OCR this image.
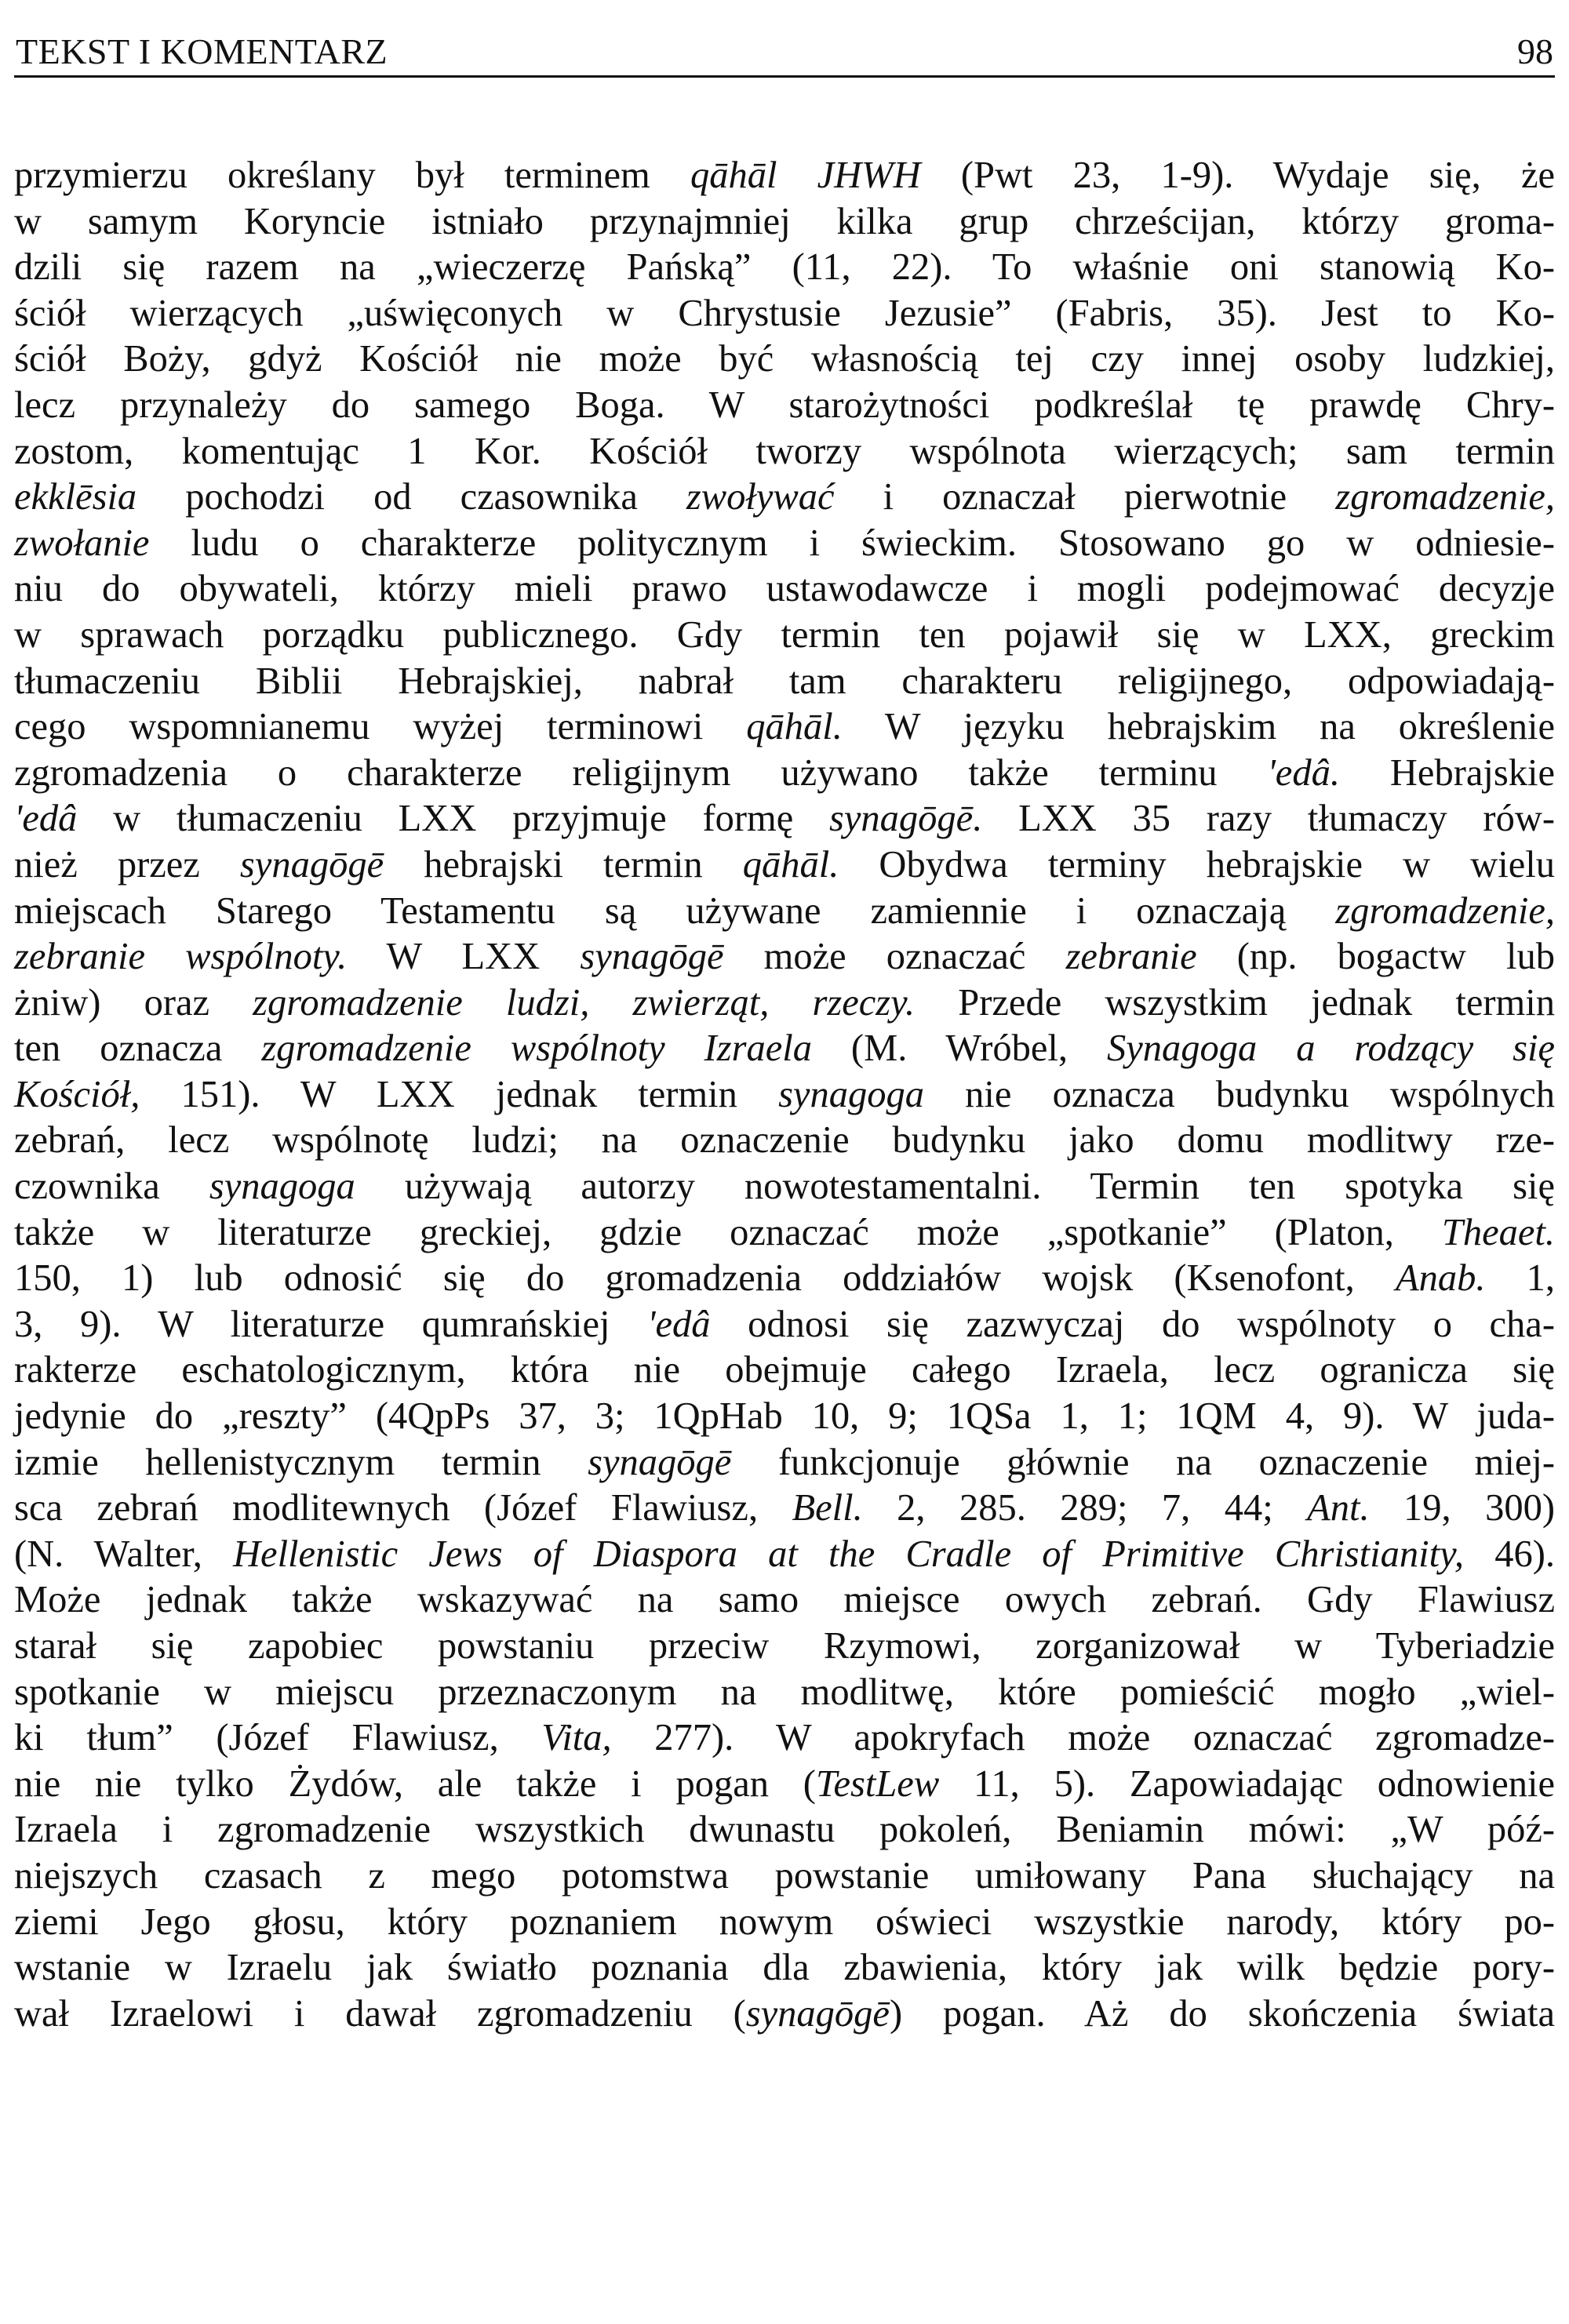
TEKST I KOMENTARZ	98
przymierzu określany był terminem qāhāl JHWH (Pwt 23, 1-9). Wydaje się, że
w samym Koryncie istniało przynajmniej kilka grup chrześcijan, którzy groma-
dzili się razem na „wieczerzę Pańską” (11, 22). To właśnie oni stanowią Ko-
ściół wierzących „uświęconych w Chrystusie Jezusie” (Fabris, 35). Jest to Ko-
ściół Boży, gdyż Kościół nie może być własnością tej czy innej osoby ludzkiej,
lecz przynależy do samego Boga. W starożytności podkreślał tę prawdę Chry-
zostom, komentując 1 Kor. Kościół tworzy wspólnota wierzących; sam termin
ekklēsia pochodzi od czasownika zwoływać i oznaczał pierwotnie zgromadzenie,
zwołanie ludu o charakterze politycznym i świeckim. Stosowano go w odniesie-
niu do obywateli, którzy mieli prawo ustawodawcze i mogli podejmować decyzje
w sprawach porządku publicznego. Gdy termin ten pojawił się w LXX, greckim
tłumaczeniu Biblii Hebrajskiej, nabrał tam charakteru religijnego, odpowiadają-
cego wspomnianemu wyżej terminowi qāhāl. W języku hebrajskim na określenie
zgromadzenia o charakterze religijnym używano także terminu 'edâ. Hebrajskie
'edâ w tłumaczeniu LXX przyjmuje formę synagōgē. LXX 35 razy tłumaczy rów-
nież przez synagōgē hebrajski termin qāhāl. Obydwa terminy hebrajskie w wielu
miejscach Starego Testamentu są używane zamiennie i oznaczają zgromadzenie,
zebranie wspólnoty. W LXX synagōgē może oznaczać zebranie (np. bogactw lub
żniw) oraz zgromadzenie ludzi, zwierząt, rzeczy. Przede wszystkim jednak termin
ten oznacza zgromadzenie wspólnoty Izraela (M. Wróbel, Synagoga a rodzący się
Kościół, 151). W LXX jednak termin synagoga nie oznacza budynku wspólnych
zebrań, lecz wspólnotę ludzi; na oznaczenie budynku jako domu modlitwy rze-
czownika synagoga używają autorzy nowotestamentalni. Termin ten spotyka się
także w literaturze greckiej, gdzie oznaczać może „spotkanie” (Platon, Theaet.
150, 1) lub odnosić się do gromadzenia oddziałów wojsk (Ksenofont, Anab. 1,
3, 9). W literaturze qumrańskiej 'edâ odnosi się zazwyczaj do wspólnoty o cha-
rakterze eschatologicznym, która nie obejmuje całego Izraela, lecz ogranicza się
jedynie do „reszty” (4QpPs 37, 3; 1QpHab 10, 9; 1QSa 1, 1; 1QM 4, 9). W juda-
izmie hellenistycznym termin synagōgē funkcjonuje głównie na oznaczenie miej-
sca zebrań modlitewnych (Józef Flawiusz, Bell. 2, 285. 289; 7, 44; Ant. 19, 300)
(N. Walter, Hellenistic Jews of Diaspora at the Cradle of Primitive Christianity, 46).
Może jednak także wskazywać na samo miejsce owych zebrań. Gdy Flawiusz
starał się zapobiec powstaniu przeciw Rzymowi, zorganizował w Tyberiadzie
spotkanie w miejscu przeznaczonym na modlitwę, które pomieścić mogło „wiel-
ki tłum” (Józef Flawiusz, Vita, 277). W apokryfach może oznaczać zgromadze-
nie nie tylko Żydów, ale także i pogan (TestLew 11, 5). Zapowiadając odnowienie
Izraela i zgromadzenie wszystkich dwunastu pokoleń, Beniamin mówi: „W póź-
niejszych czasach z mego potomstwa powstanie umiłowany Pana słuchający na
ziemi Jego głosu, który poznaniem nowym oświeci wszystkie narody, który po-
wstanie w Izraelu jak światło poznania dla zbawienia, który jak wilk będzie pory-
wał Izraelowi i dawał zgromadzeniu (synagōgē) pogan. Aż do skończenia świata
